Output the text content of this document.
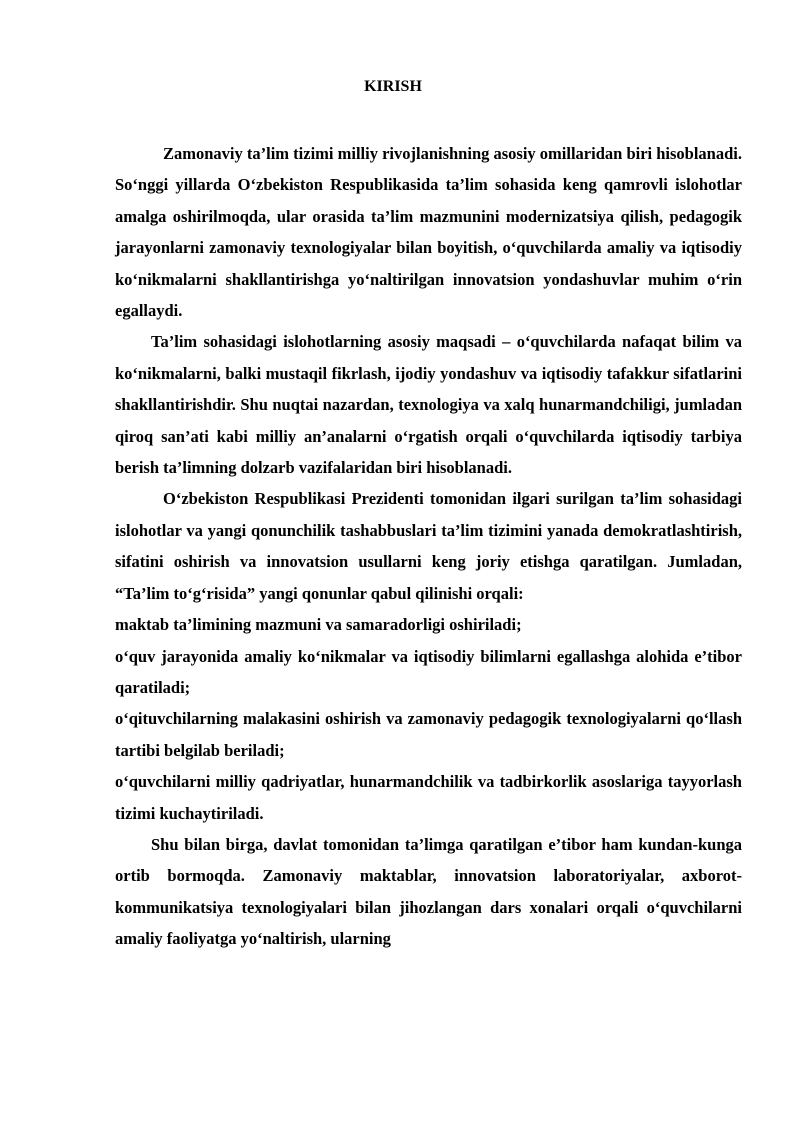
KIRISH

Zamonaviy ta’lim tizimi milliy rivojlanishning asosiy omillaridan biri hisoblanadi. So‘nggi yillarda O‘zbekiston Respublikasida ta’lim sohasida keng qamrovli islohotlar amalga oshirilmoqda, ular orasida ta’lim mazmunini modernizatsiya qilish, pedagogik jarayonlarni zamonaviy texnologiyalar bilan boyitish, o‘quvchilarda amaliy va iqtisodiy ko‘nikmalarni shakllantirishga yo‘naltirilgan innovatsion yondashuvlar muhim o‘rin egallaydi.

Ta’lim sohasidagi islohotlarning asosiy maqsadi – o‘quvchilarda nafaqat bilim va ko‘nikmalarni, balki mustaqil fikrlash, ijodiy yondashuv va iqtisodiy tafakkur sifatlarini shakllantirishdir. Shu nuqtai nazardan, texnologiya va xalq hunarmandchiligi, jumladan qiroq san’ati kabi milliy an’analarni o‘rgatish orqali o‘quvchilarda iqtisodiy tarbiya berish ta’limning dolzarb vazifalaridan biri hisoblanadi.

O‘zbekiston Respublikasi Prezidenti tomonidan ilgari surilgan ta’lim sohasidagi islohotlar va yangi qonunchilik tashabbuslari ta’lim tizimini yanada demokratlashtirish, sifatini oshirish va innovatsion usullarni keng joriy etishga qaratilgan. Jumladan, “Ta’lim to‘g‘risida” yangi qonunlar qabul qilinishi orqali:

maktab ta’limining mazmuni va samaradorligi oshiriladi;

o‘quv jarayonida amaliy ko‘nikmalar va iqtisodiy bilimlarni egallashga alohida e’tibor qaratiladi;

o‘qituvchilarning malakasini oshirish va zamonaviy pedagogik texnologiyalarni qo‘llash tartibi belgilab beriladi;

o‘quvchilarni milliy qadriyatlar, hunarmandchilik va tadbirkorlik asoslariga tayyorlash tizimi kuchaytiriladi.

Shu bilan birga, davlat tomonidan ta’limga qaratilgan e’tibor ham kundan-kunga ortib bormoqda. Zamonaviy maktablar, innovatsion laboratoriyalar, axborot-kommunikatsiya texnologiyalari bilan jihozlangan dars xonalari orqali o‘quvchilarni amaliy faoliyatga yo‘naltirish, ularning
